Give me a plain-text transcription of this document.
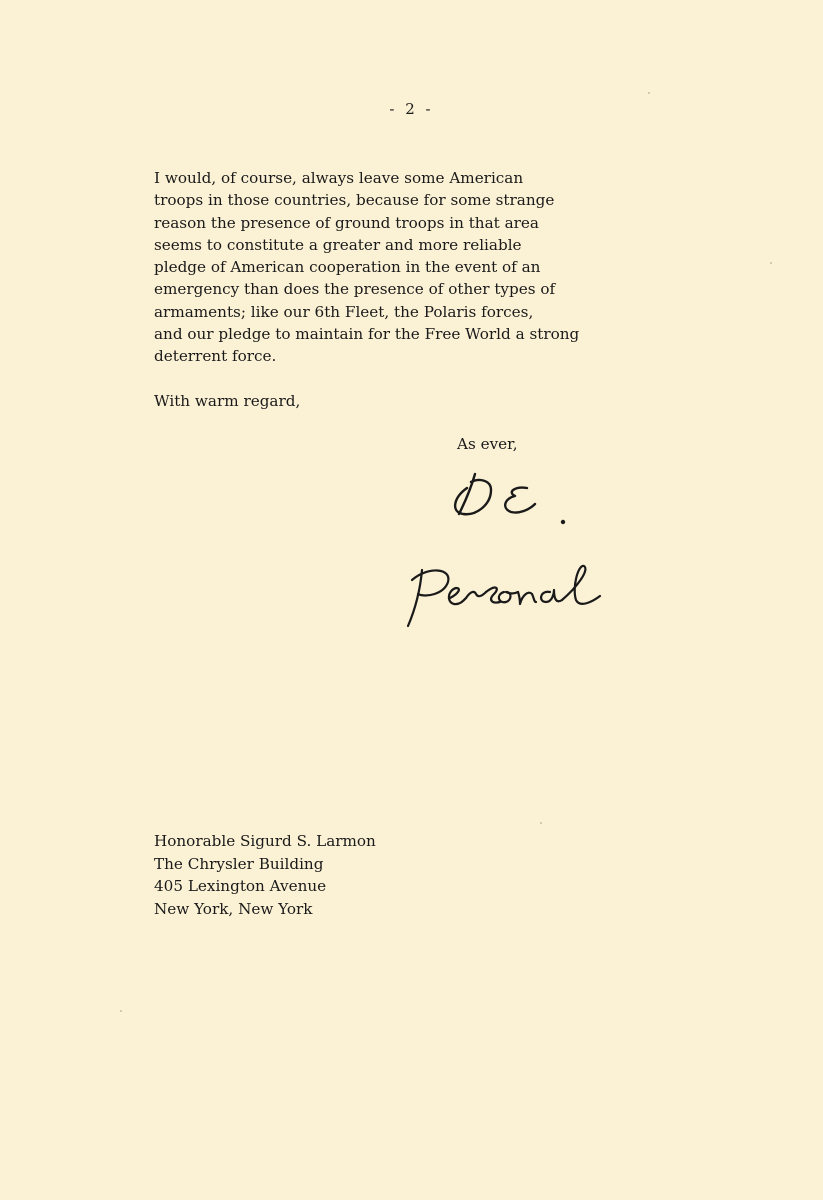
- 2 -

I would, of course, always leave some American
troops in those countries, because for some strange
reason the presence of ground troops in that area
seems to constitute a greater and more reliable
pledge of American cooperation in the event of an
emergency than does the presence of other types of
armaments; like our 6th Fleet, the Polaris forces,
and our pledge to maintain for the Free World a strong
deterrent force.

With warm regard,

As ever,

Honorable Sigurd S. Larmon
The Chrysler Building
405 Lexington Avenue
New York, New York
